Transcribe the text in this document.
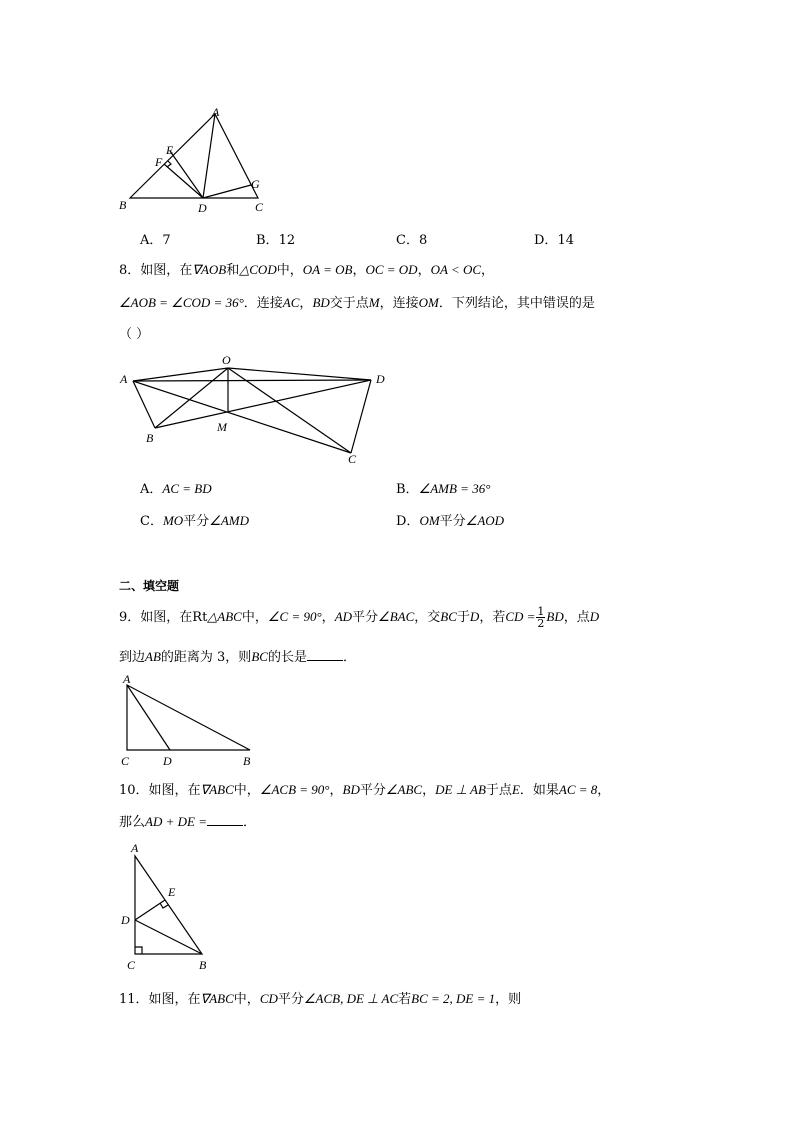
A
B	C
D
E
F
G
A．7	B．12	C．8	D．14
8．如图，在∇AOB和△COD中，OA = OB，OC = OD，OA < OC，
∠AOB = ∠COD = 36°．连接AC，BD交于点M，连接OM．下列结论，其中错误的是
（ ）
A
O
D
B
M
C
A．AC = BD	B．∠AMB = 36°
C．MO平分∠AMD	D．OM平分∠AOD
二、填空题
9．如图，在Rt△ABC中，∠C = 90°，AD平分∠BAC，交BC于D，若CD = $\frac{1}{2}$ BD，点D
到边AB的距离为 3，则BC的长是	．
A
C	D	B
10．如图，在∇ABC中，∠ACB = 90°，BD平分∠ABC，DE ⊥ AB于点E．如果AC = 8，
那么AD + DE =	．
A
E
D
C	B
11．如图，在∇ABC中，CD平分∠ACB, DE ⊥ AC若BC = 2, DE = 1，则
